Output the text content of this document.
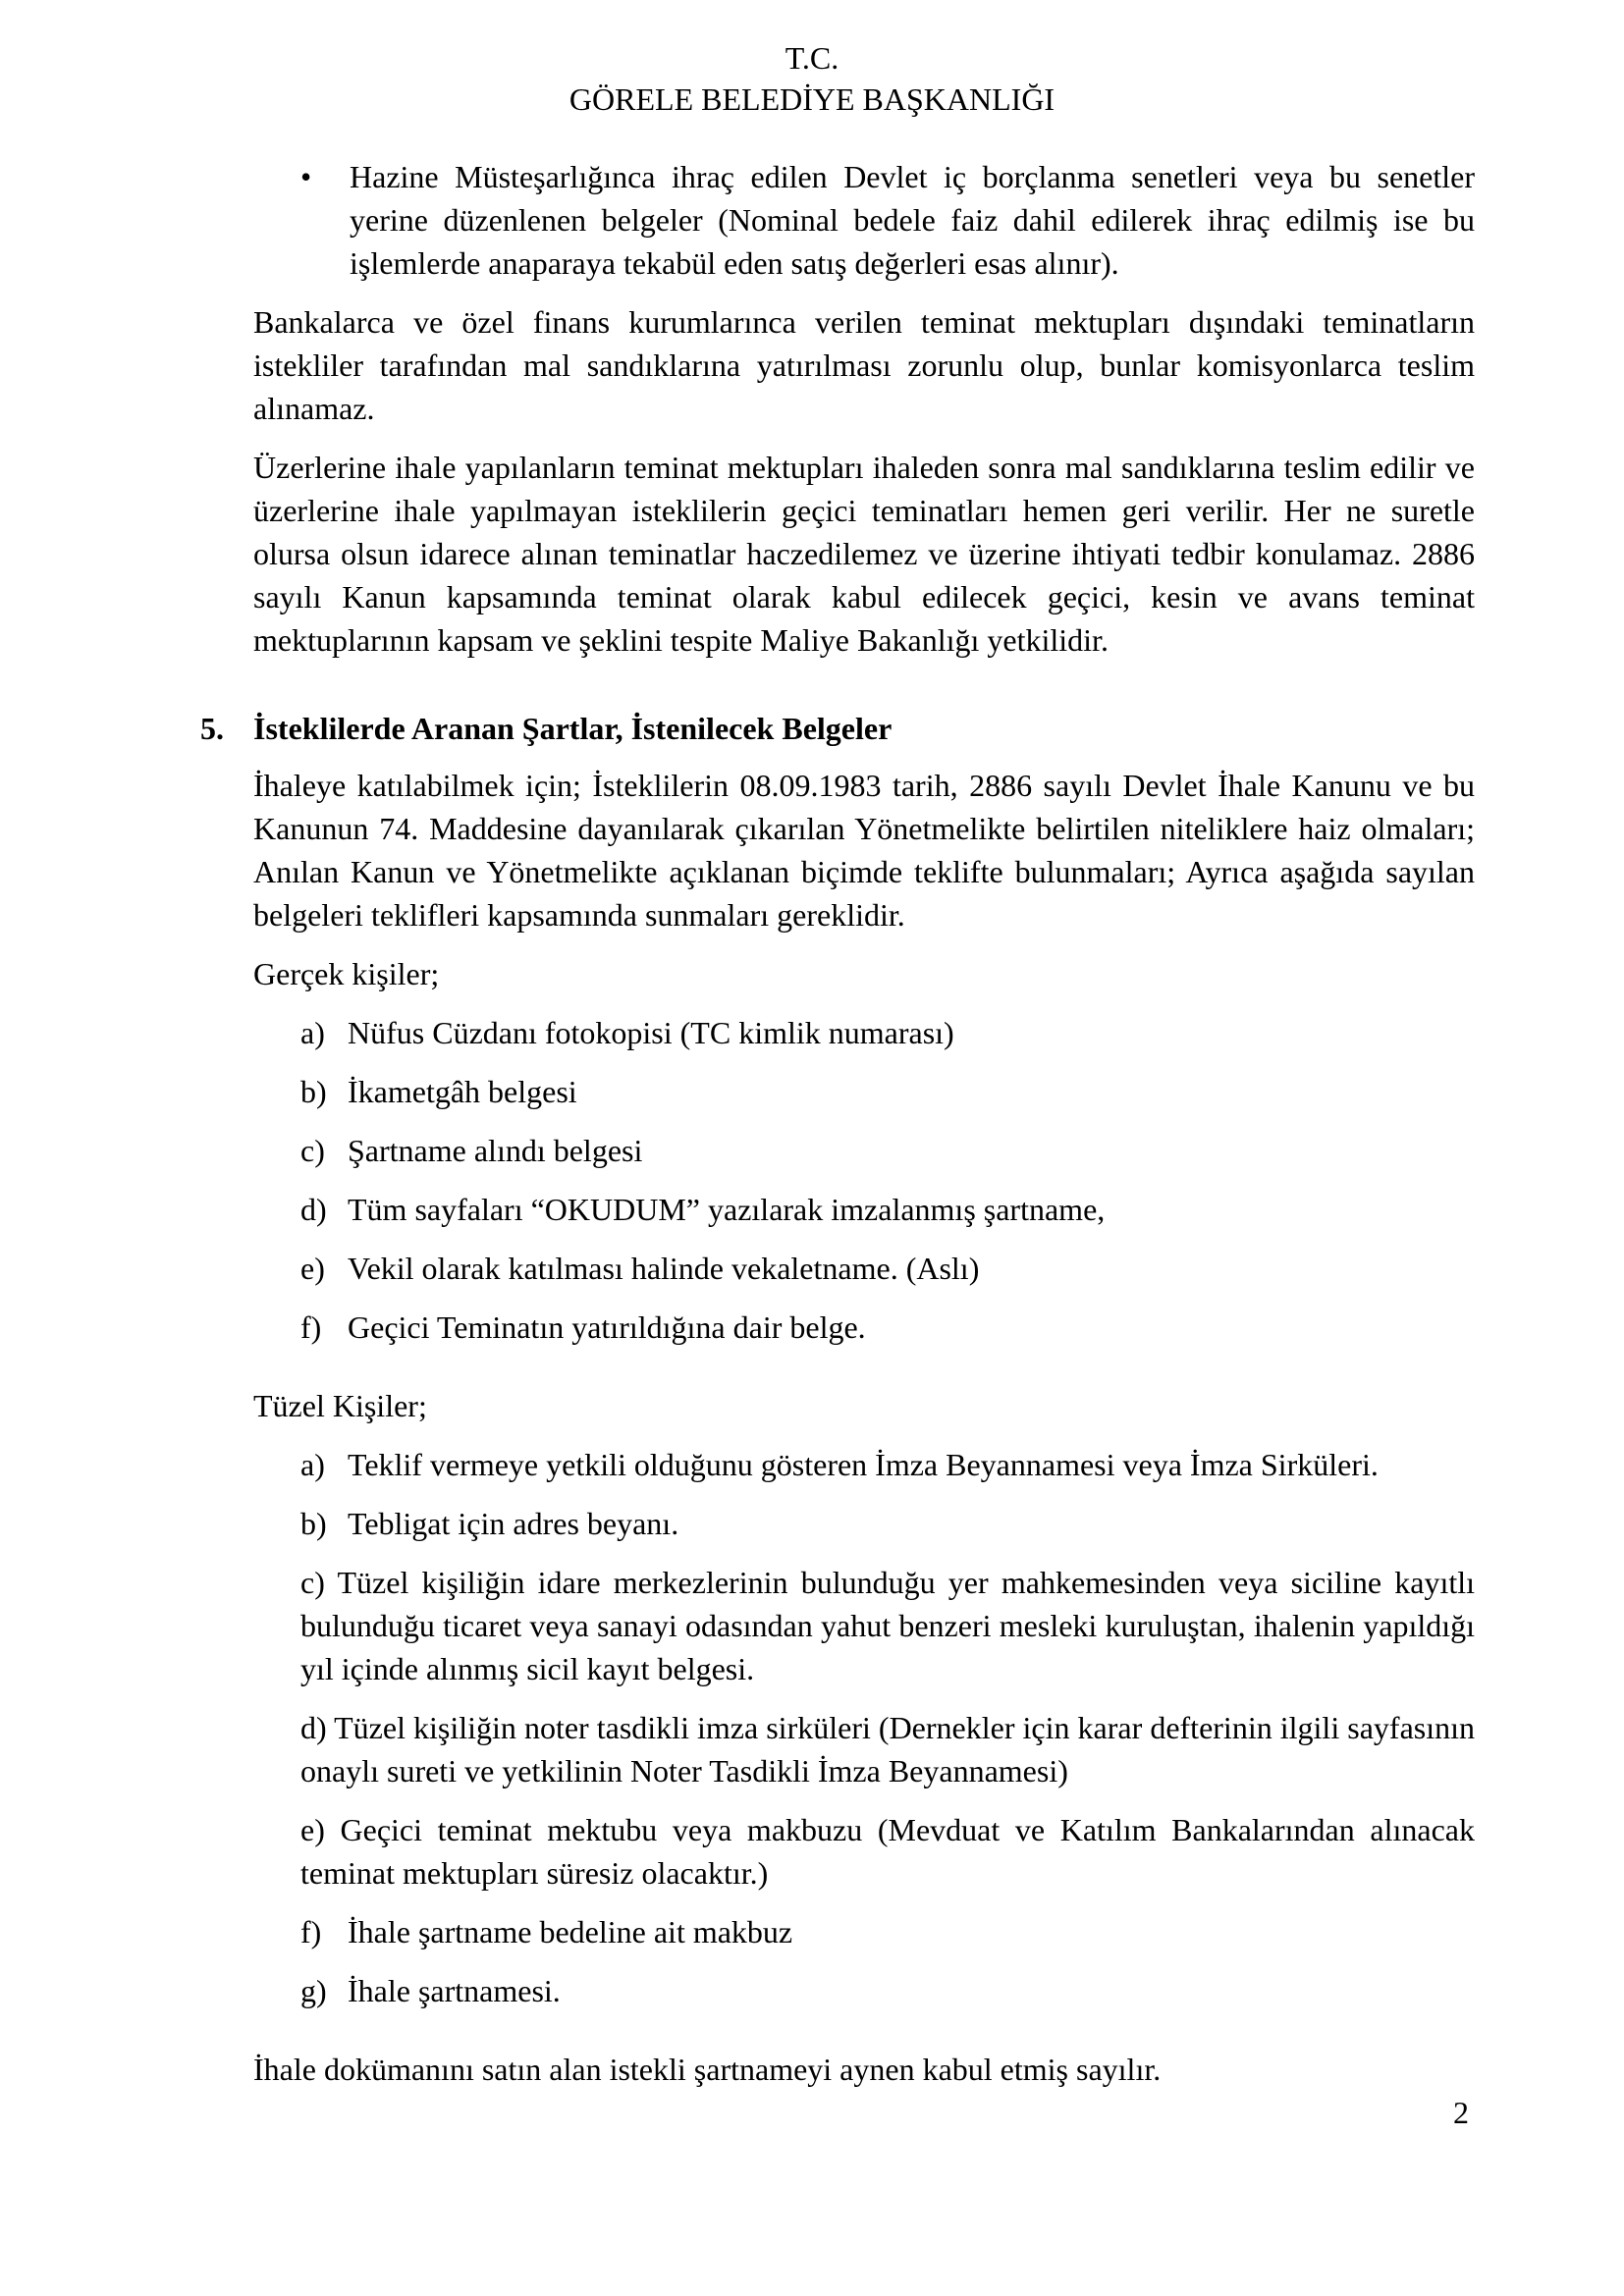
T.C.
GÖRELE BELEDİYE BAŞKANLIĞI
• Hazine Müsteşarlığınca ihraç edilen Devlet iç borçlanma senetleri veya bu senetler yerine düzenlenen belgeler (Nominal bedele faiz dahil edilerek ihraç edilmiş ise bu işlemlerde anaparaya tekabül eden satış değerleri esas alınır).

Bankalarca ve özel finans kurumlarınca verilen teminat mektupları dışındaki teminatların istekliler tarafından mal sandıklarına yatırılması zorunlu olup, bunlar komisyonlarca teslim alınamaz.

Üzerlerine ihale yapılanların teminat mektupları ihaleden sonra mal sandıklarına teslim edilir ve üzerlerine ihale yapılmayan isteklilerin geçici teminatları hemen geri verilir. Her ne suretle olursa olsun idarece alınan teminatlar haczedilemez ve üzerine ihtiyati tedbir konulamaz. 2886 sayılı Kanun kapsamında teminat olarak kabul edilecek geçici, kesin ve avans teminat mektuplarının kapsam ve şeklini tespite Maliye Bakanlığı yetkilidir.

5. İsteklilerde Aranan Şartlar, İstenilecek Belgeler

İhaleye katılabilmek için; İsteklilerin 08.09.1983 tarih, 2886 sayılı Devlet İhale Kanunu ve bu Kanunun 74. Maddesine dayanılarak çıkarılan Yönetmelikte belirtilen niteliklere haiz olmaları; Anılan Kanun ve Yönetmelikte açıklanan biçimde teklifte bulunmaları; Ayrıca aşağıda sayılan belgeleri teklifleri kapsamında sunmaları gereklidir.

Gerçek kişiler;

a) Nüfus Cüzdanı fotokopisi (TC kimlik numarası)
b) İkametgâh belgesi
c) Şartname alındı belgesi
d) Tüm sayfaları “OKUDUM” yazılarak imzalanmış şartname,
e) Vekil olarak katılması halinde vekaletname. (Aslı)
f) Geçici Teminatın yatırıldığına dair belge.

Tüzel Kişiler;

a) Teklif vermeye yetkili olduğunu gösteren İmza Beyannamesi veya İmza Sirküleri.
b) Tebligat için adres beyanı.

c) Tüzel kişiliğin idare merkezlerinin bulunduğu yer mahkemesinden veya siciline kayıtlı bulunduğu ticaret veya sanayi odasından yahut benzeri mesleki kuruluştan, ihalenin yapıldığı yıl içinde alınmış sicil kayıt belgesi.

d) Tüzel kişiliğin noter tasdikli imza sirküleri (Dernekler için karar defterinin ilgili sayfasının onaylı sureti ve yetkilinin Noter Tasdikli İmza Beyannamesi)

e) Geçici teminat mektubu veya makbuzu (Mevduat ve Katılım Bankalarından alınacak teminat mektupları süresiz olacaktır.)

f) İhale şartname bedeline ait makbuz
g) İhale şartnamesi.

İhale dokümanını satın alan istekli şartnameyi aynen kabul etmiş sayılır.

2
